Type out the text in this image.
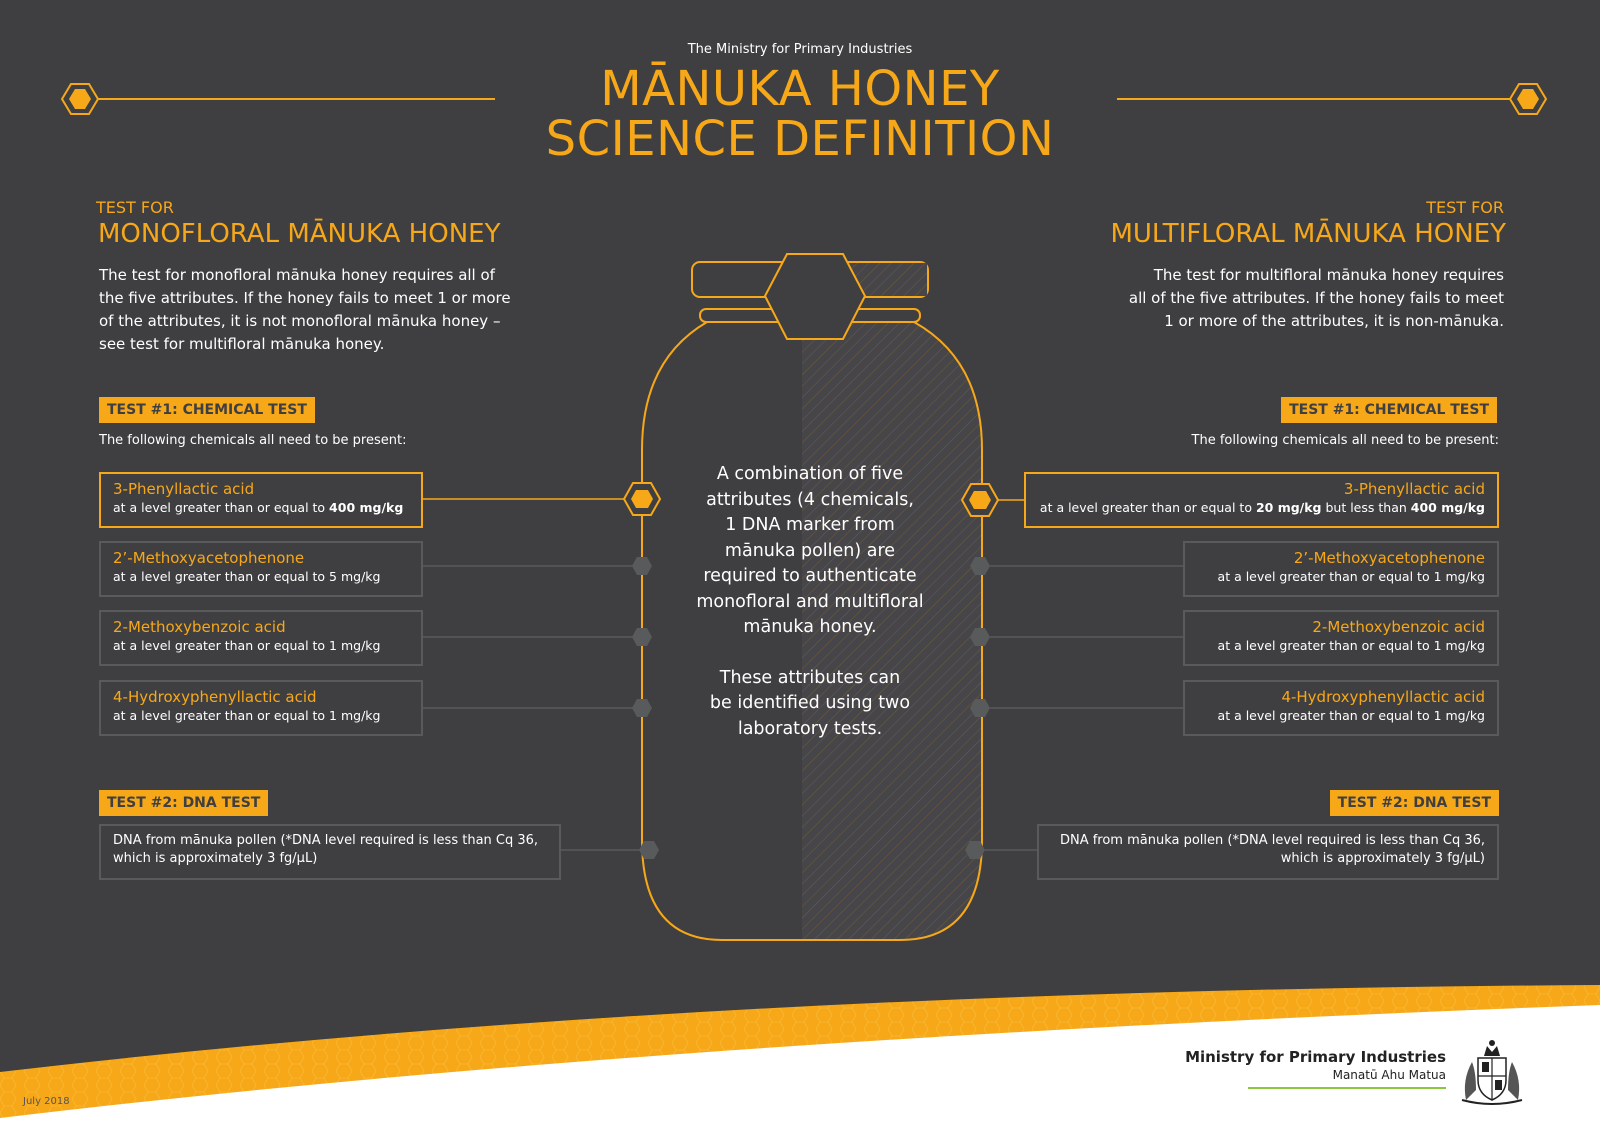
The Ministry for Primary Industries
MĀNUKA HONEY
SCIENCE DEFINITION
TEST FOR
MONOFLORAL MĀNUKA HONEY
The test for monofloral mānuka honey requires all of
the five attributes. If the honey fails to meet 1 or more
of the attributes, it is not monofloral mānuka honey –
see test for multifloral mānuka honey.
TEST #1: CHEMICAL TEST
The following chemicals all need to be present:
3-Phenyllactic acid
at a level greater than or equal to 400 mg/kg
2’-Methoxyacetophenone
at a level greater than or equal to 5 mg/kg
2-Methoxybenzoic acid
at a level greater than or equal to 1 mg/kg
4-Hydroxyphenyllactic acid
at a level greater than or equal to 1 mg/kg
TEST #2: DNA TEST
DNA from mānuka pollen (*DNA level required is less than Cq 36,
which is approximately 3 fg/µL)
TEST FOR
MULTIFLORAL MĀNUKA HONEY
The test for multifloral mānuka honey requires
all of the five attributes. If the honey fails to meet
1 or more of the attributes, it is non-mānuka.
TEST #1: CHEMICAL TEST
The following chemicals all need to be present:
3-Phenyllactic acid
at a level greater than or equal to 20 mg/kg but less than 400 mg/kg
2’-Methoxyacetophenone
at a level greater than or equal to 1 mg/kg
2-Methoxybenzoic acid
at a level greater than or equal to 1 mg/kg
4-Hydroxyphenyllactic acid
at a level greater than or equal to 1 mg/kg
TEST #2: DNA TEST
DNA from mānuka pollen (*DNA level required is less than Cq 36,
which is approximately 3 fg/µL)
A combination of five
attributes (4 chemicals,
1 DNA marker from
mānuka pollen) are
required to authenticate
monofloral and multifloral
mānuka honey.
These attributes can
be identified using two
laboratory tests.
July 2018
Ministry for Primary Industries
Manatū Ahu Matua
